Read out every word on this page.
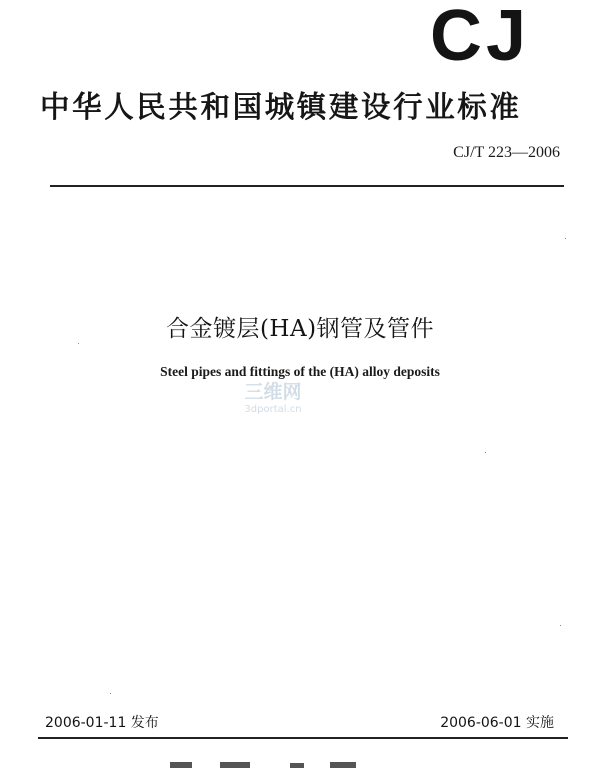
CJ
中华人民共和国城镇建设行业标准
CJ/T 223—2006
合金镀层(HA)钢管及管件
Steel pipes and fittings of the (HA) alloy deposits
三维网
3dportal.cn
2006-01-11 发布	2006-06-01 实施
